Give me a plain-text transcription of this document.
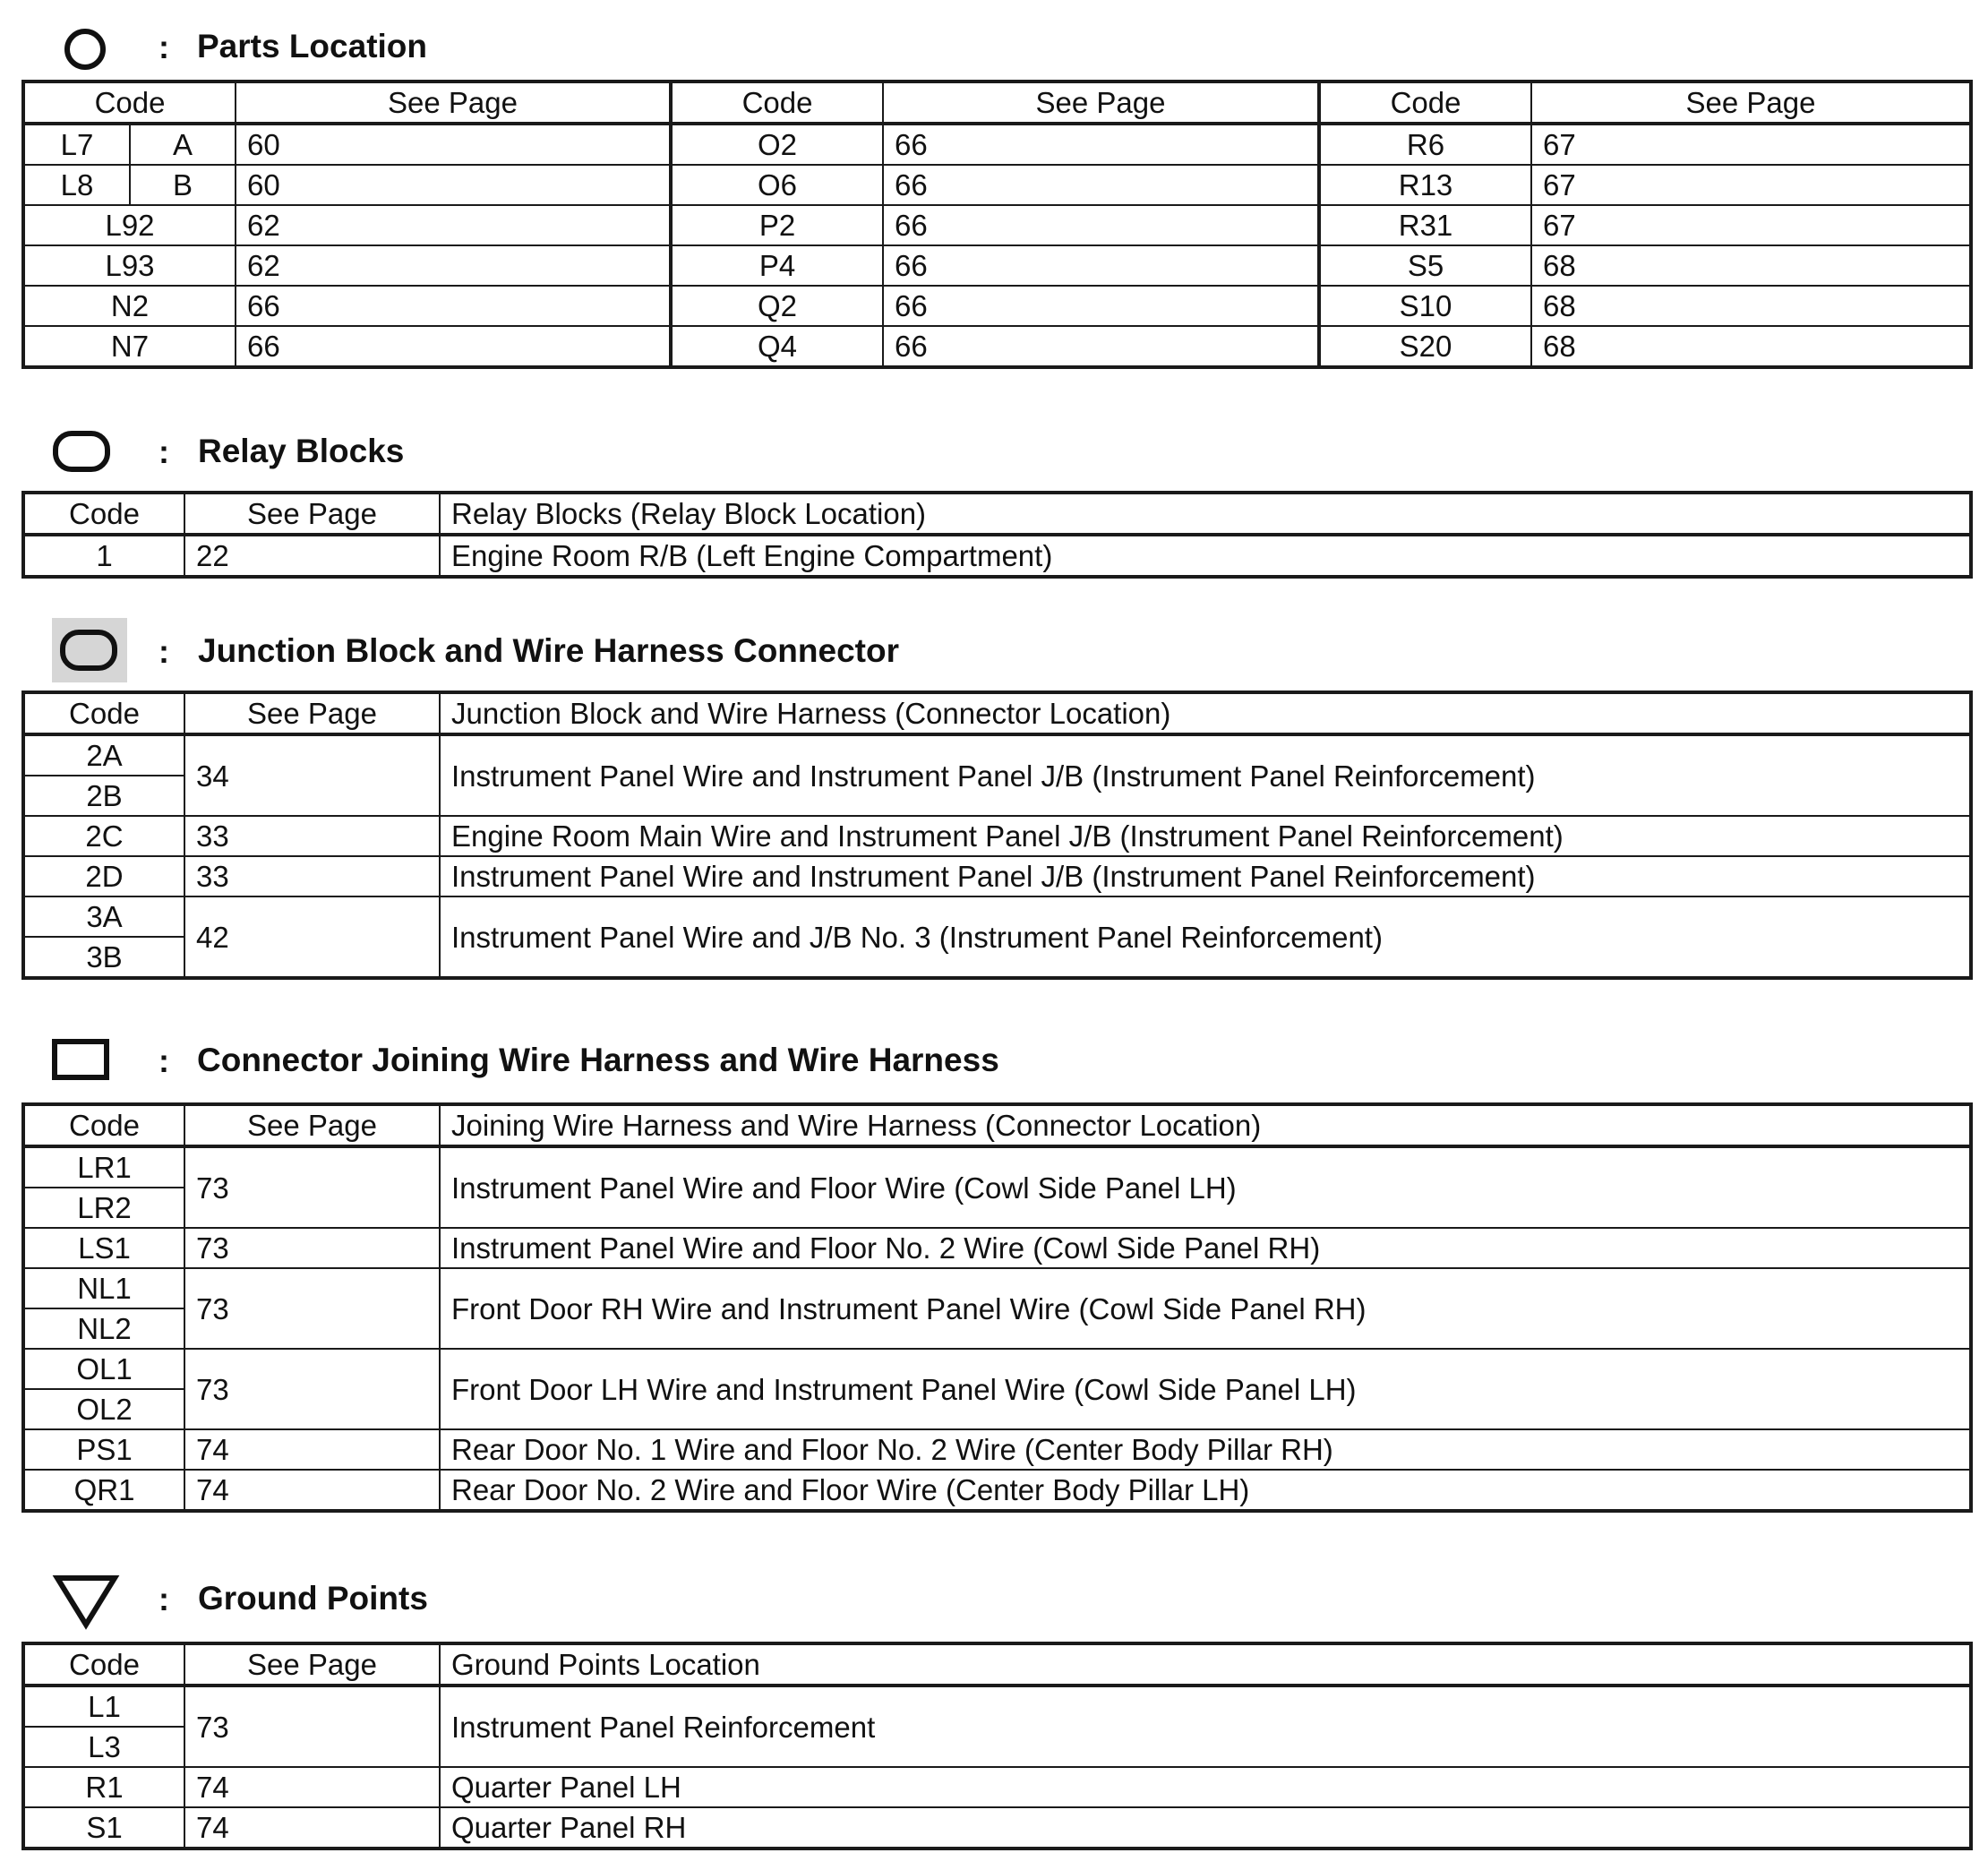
: Parts Location
Code		See Page	Code	See Page	Code	See Page
L7	A	60	O2	66	R6	67
L8	B	60	O6	66	R13	67
L92		62	P2	66	R31	67
L93		62	P4	66	S5	68
N2		66	Q2	66	S10	68
N7		66	Q4	66	S20	68
: Relay Blocks
Code	See Page	Relay Blocks (Relay Block Location)
1	22	Engine Room R/B (Left Engine Compartment)
: Junction Block and Wire Harness Connector
Code	See Page	Junction Block and Wire Harness (Connector Location)
2A	34	Instrument Panel Wire and Instrument Panel J/B (Instrument Panel Reinforcement)
2B		
2C	33	Engine Room Main Wire and Instrument Panel J/B (Instrument Panel Reinforcement)
2D	33	Instrument Panel Wire and Instrument Panel J/B (Instrument Panel Reinforcement)
3A	42	Instrument Panel Wire and J/B No. 3 (Instrument Panel Reinforcement)
3B		
: Connector Joining Wire Harness and Wire Harness
Code	See Page	Joining Wire Harness and Wire Harness (Connector Location)
LR1	73	Instrument Panel Wire and Floor Wire (Cowl Side Panel LH)
LR2		
LS1	73	Instrument Panel Wire and Floor No. 2 Wire (Cowl Side Panel RH)
NL1	73	Front Door RH Wire and Instrument Panel Wire (Cowl Side Panel RH)
NL2		
OL1	73	Front Door LH Wire and Instrument Panel Wire (Cowl Side Panel LH)
OL2		
PS1	74	Rear Door No. 1 Wire and Floor No. 2 Wire (Center Body Pillar RH)
QR1	74	Rear Door No. 2 Wire and Floor Wire (Center Body Pillar LH)
: Ground Points
Code	See Page	Ground Points Location
L1	73	Instrument Panel Reinforcement
L3		
R1	74	Quarter Panel LH
S1	74	Quarter Panel RH
